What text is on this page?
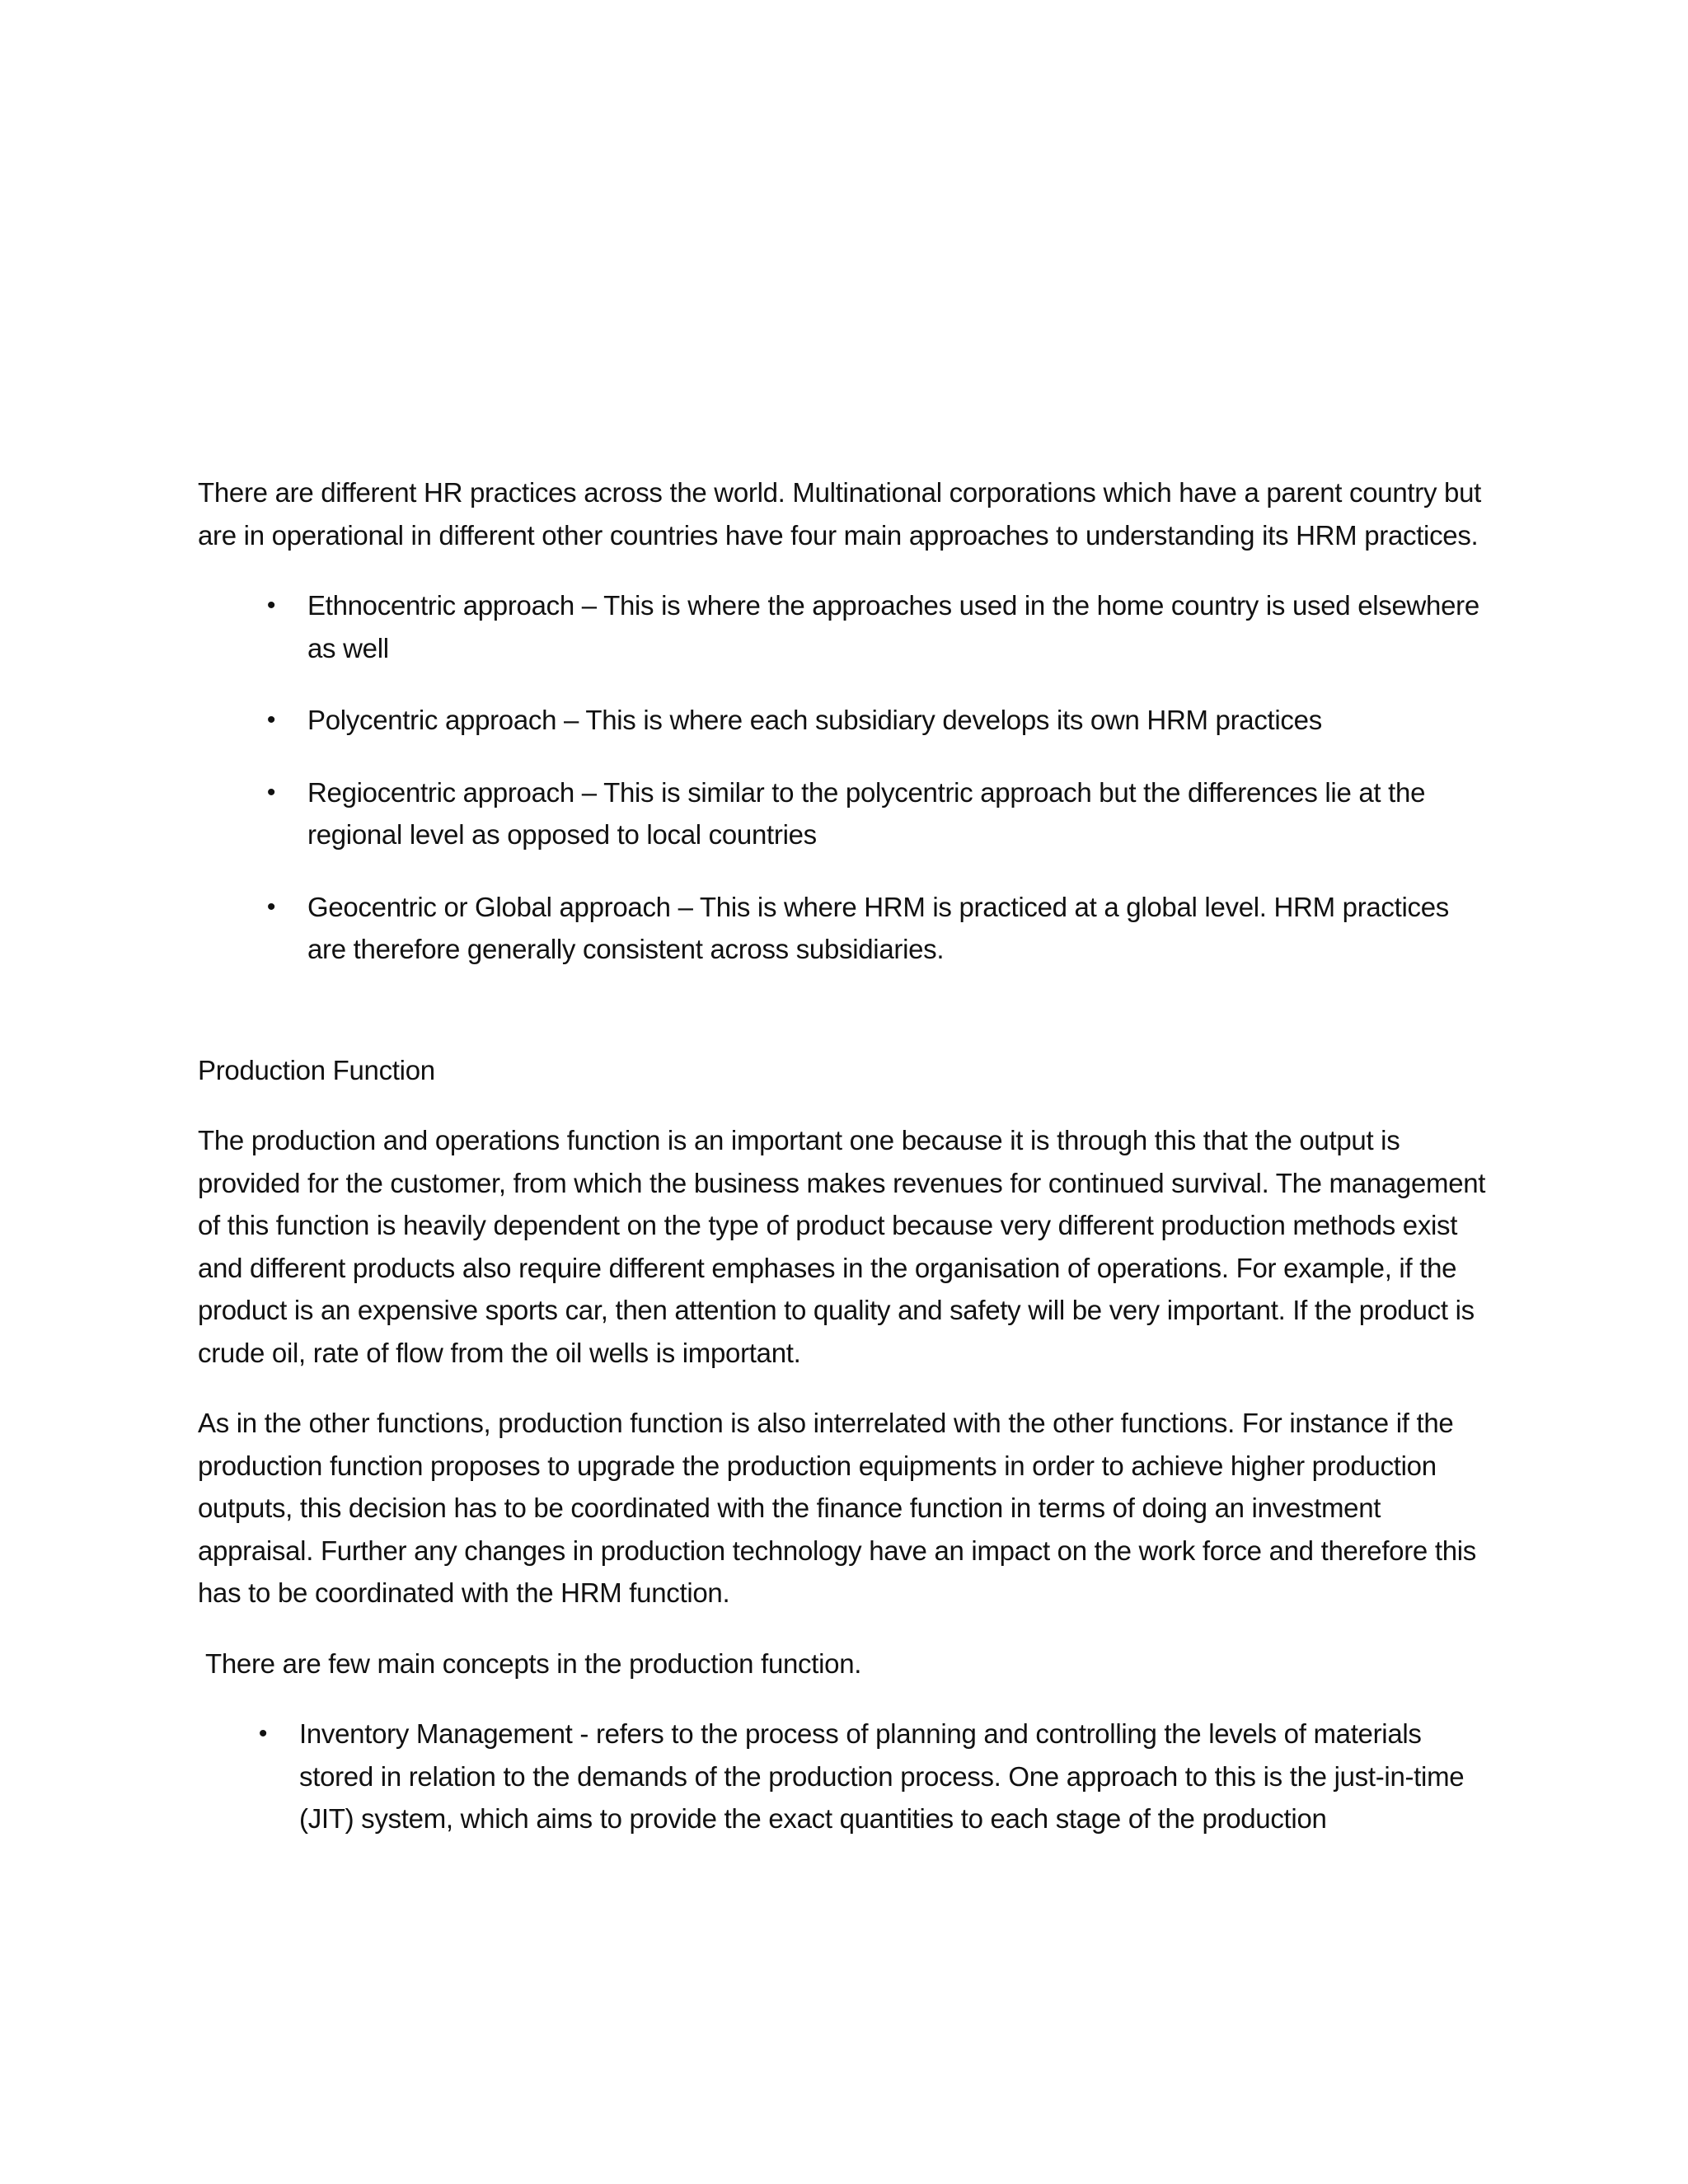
There are different HR practices across the world. Multinational corporations which have a parent country but are in operational in different other countries have four main approaches to understanding its HRM practices.

•	Ethnocentric approach – This is where the approaches used in the home country is used elsewhere as well
•	Polycentric approach – This is where each subsidiary develops its own HRM practices
•	Regiocentric approach – This is similar to the polycentric approach but the differences lie at the regional level as opposed to local countries
•	Geocentric or Global approach – This is where HRM is practiced at a global level. HRM practices are therefore generally consistent across subsidiaries.

Production Function

The production and operations function is an important one because it is through this that the output is provided for the customer, from which the business makes revenues for continued survival. The management of this function is heavily dependent on the type of product because very different production methods exist and different products also require different emphases in the organisation of operations. For example, if the product is an expensive sports car, then attention to quality and safety will be very important. If the product is crude oil, rate of flow from the oil wells is important.

As in the other functions, production function is also interrelated with the other functions. For instance if the production function proposes to upgrade the production equipments in order to achieve higher production outputs, this decision has to be coordinated with the finance function in terms of doing an investment appraisal. Further any changes in production technology have an impact on the work force and therefore this has to be coordinated with the HRM function.

There are few main concepts in the production function.

•	Inventory Management - refers to the process of planning and controlling the levels of materials stored in relation to the demands of the production process. One approach to this is the just-in-time (JIT) system, which aims to provide the exact quantities to each stage of the production
